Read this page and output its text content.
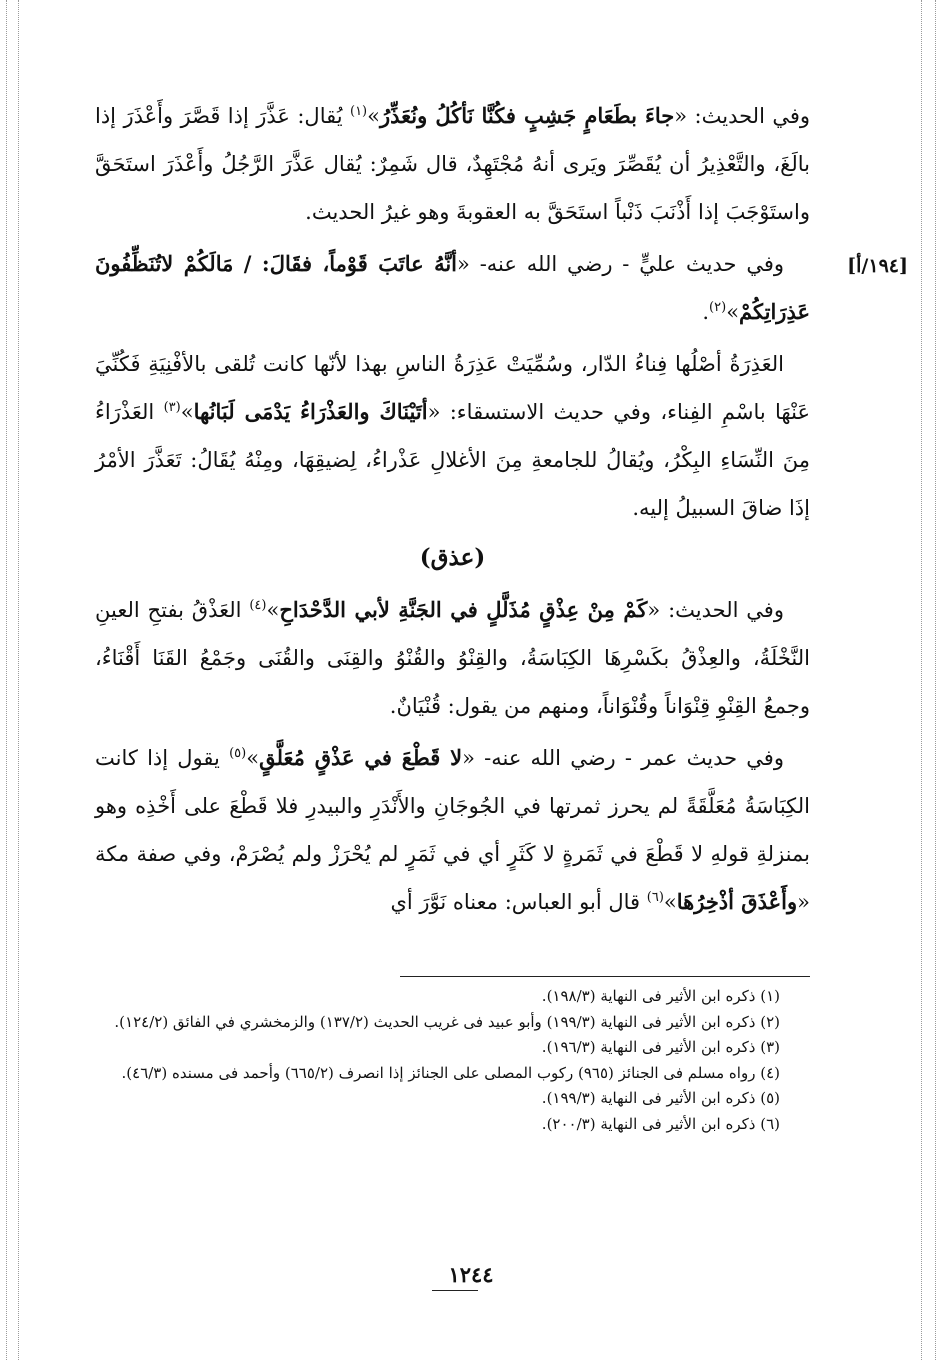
وفي الحديث: «جاءَ بطَعَامٍ جَشِبٍ فكُنَّا نَأكُلُ ونُعَذِّرُ»$^{(١)}$ يُقال: عَذَّرَ إذا قَصَّرَ وأَعْذَرَ إذا بالَغَ، والتَّعْذِيرُ أن يُقَصِّرَ ويَرى أنهُ مُجْتَهِدٌ، قال شَمِرٌ: يُقال عَذَّرَ الرَّجُلُ وأَعْذَرَ استَحَقَّ واستَوْجَبَ إذا أَذْنَبَ ذَنْباً استَحَقَّ به العقوبةَ وهو غيرُ الحديث.

[١٩٤/أ]
وفي حديث عليٍّ - رضي الله عنه- «أنَّهُ عاتَبَ قَوْماً، فقَالَ: / مَالَكُمْ لاتُنَظِّفُونَ عَذِرَاتِكُمْ»$^{(٢)}$.

العَذِرَةُ أصْلُها فِناءُ الدّار، وسُمِّيَتْ عَذِرَةُ الناسِ بهذا لأنّها كانت تُلقى بالأفْنِيَةِ فَكُنِّيَ عَنْهَا باسْمِ الفِناء، وفي حديث الاستسقاء: «أتَيْنَاكَ والعَذْرَاءُ يَدْمَى لَبَانُها»$^{(٣)}$ العَذْرَاءُ مِنَ النِّسَاءِ البِكْرُ، ويُقالُ للجامعةِ مِنَ الأغلالِ عَذْراءُ، لِضيقِهَا، ومِنْهُ يُقَالُ: تَعَذَّرَ الأمْرُ إذَا ضاقَ السبيلُ إليه.

(عذق)

وفي الحديث: «كَمْ مِنْ عِذْقٍ مُذَلَّلٍ في الجَنَّةِ لأبي الدَّحْدَاحِ»$^{(٤)}$ العَذْقُ بفتحِ العينِ النَّخْلَةُ، والعِذْقُ بكَسْرِهَا الكِبَاسَةُ، والقِنْوُ والقُنْوُ والقِنَى والقُنَى وجَمْعُ القَنَا أَقْنَاءُ، وجمعُ القِنْوِ قِنْوَاناً وقُنْوَاناً، ومنهم من يقول: قُنْيَانٌ.

وفي حديث عمر - رضي الله عنه- «لا قَطْعَ في عَذْقٍ مُعَلَّقٍ»$^{(٥)}$ يقول إذا كانت الكِبَاسَةُ مُعَلَّقَةً لم يحرز ثمرتها في الجُوجَانِ والأَنْدَرِ والبيدرِ فلا قَطْعَ على أَخْذِه وهو بمنزلةِ قولهِ لا قَطْعَ في ثَمَرةٍ لا كَثَرٍ أي في ثَمَرٍ لم يُحْرَزْ ولم يُصْرَمْ، وفي صفة مكة «وأَعْذَقَ أذْخِرُهَا»$^{(٦)}$ قال أبو العباس: معناه نَوَّرَ أي

(١) ذكره ابن الأثير فى النهاية (١٩٨/٣).

(٢) ذكره ابن الأثير فى النهاية (١٩٩/٣) وأبو عبيد فى غريب الحديث (١٣٧/٢) والزمخشري في الفائق (١٢٤/٢).

(٣) ذكره ابن الأثير فى النهاية (١٩٦/٣).

(٤) رواه مسلم فى الجنائز (٩٦٥) ركوب المصلى على الجنائز إذا انصرف (٦٦٥/٢) وأحمد فى مسنده (٤٦/٣).

(٥) ذكره ابن الأثير فى النهاية (١٩٩/٣).

(٦) ذكره ابن الأثير فى النهاية (٢٠٠/٣).

١٢٤٤
